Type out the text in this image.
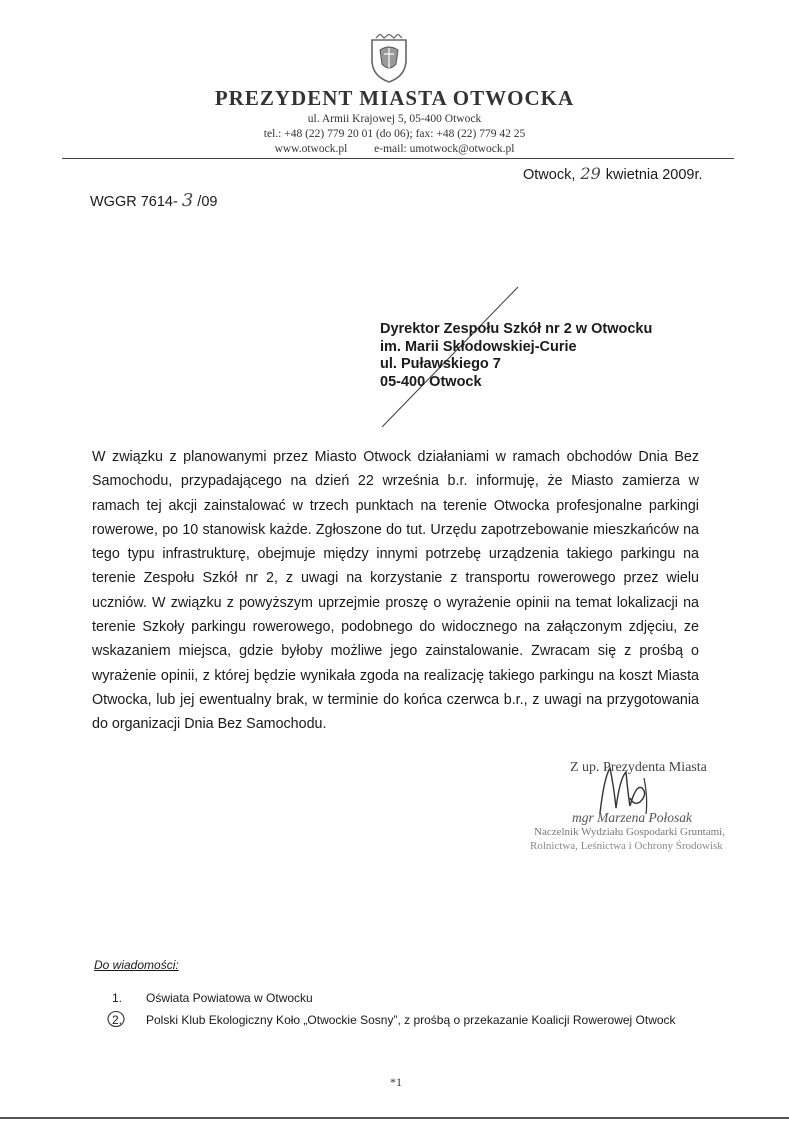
PREZYDENT MIASTA OTWOCKA
ul. Armii Krajowej 5, 05-400 Otwock
tel.: +48 (22) 779 20 01 (do 06); fax: +48 (22) 779 42 25
www.otwock.pl e-mail: umotwock@otwock.pl
Otwock, 29 kwietnia 2009r.
WGGR 7614- 3 /09
Dyrektor Zespołu Szkół nr 2 w Otwocku
im. Marii Skłodowskiej-Curie
ul. Puławskiego 7
05-400 Otwock
W związku z planowanymi przez Miasto Otwock działaniami w ramach obchodów Dnia Bez Samochodu, przypadającego na dzień 22 września b.r. informuję, że Miasto zamierza w ramach tej akcji zainstalować w trzech punktach na terenie Otwocka profesjonalne parkingi rowerowe, po 10 stanowisk każde. Zgłoszone do tut. Urzędu zapotrzebowanie mieszkańców na tego typu infrastrukturę, obejmuje między innymi potrzebę urządzenia takiego parkingu na terenie Zespołu Szkół nr 2, z uwagi na korzystanie z transportu rowerowego przez wielu uczniów. W związku z powyższym uprzejmie proszę o wyrażenie opinii na temat lokalizacji na terenie Szkoły parkingu rowerowego, podobnego do widocznego na załączonym zdjęciu, ze wskazaniem miejsca, gdzie byłoby możliwe jego zainstalowanie. Zwracam się z prośbą o wyrażenie opinii, z której będzie wynikała zgoda na realizację takiego parkingu na koszt Miasta Otwocka, lub jej ewentualny brak, w terminie do końca czerwca b.r., z uwagi na przygotowania do organizacji Dnia Bez Samochodu.
Z up. Prezydenta Miasta
mgr Marzena Połosak
Naczelnik Wydziału Gospodarki Gruntami,
Rolnictwa, Leśnictwa i Ochrony Środowisk
Do wiadomości:
1. Oświata Powiatowa w Otwocku
2. Polski Klub Ekologiczny Koło „Otwockie Sosny”, z prośbą o przekazanie Koalicji Rowerowej Otwock
*1
